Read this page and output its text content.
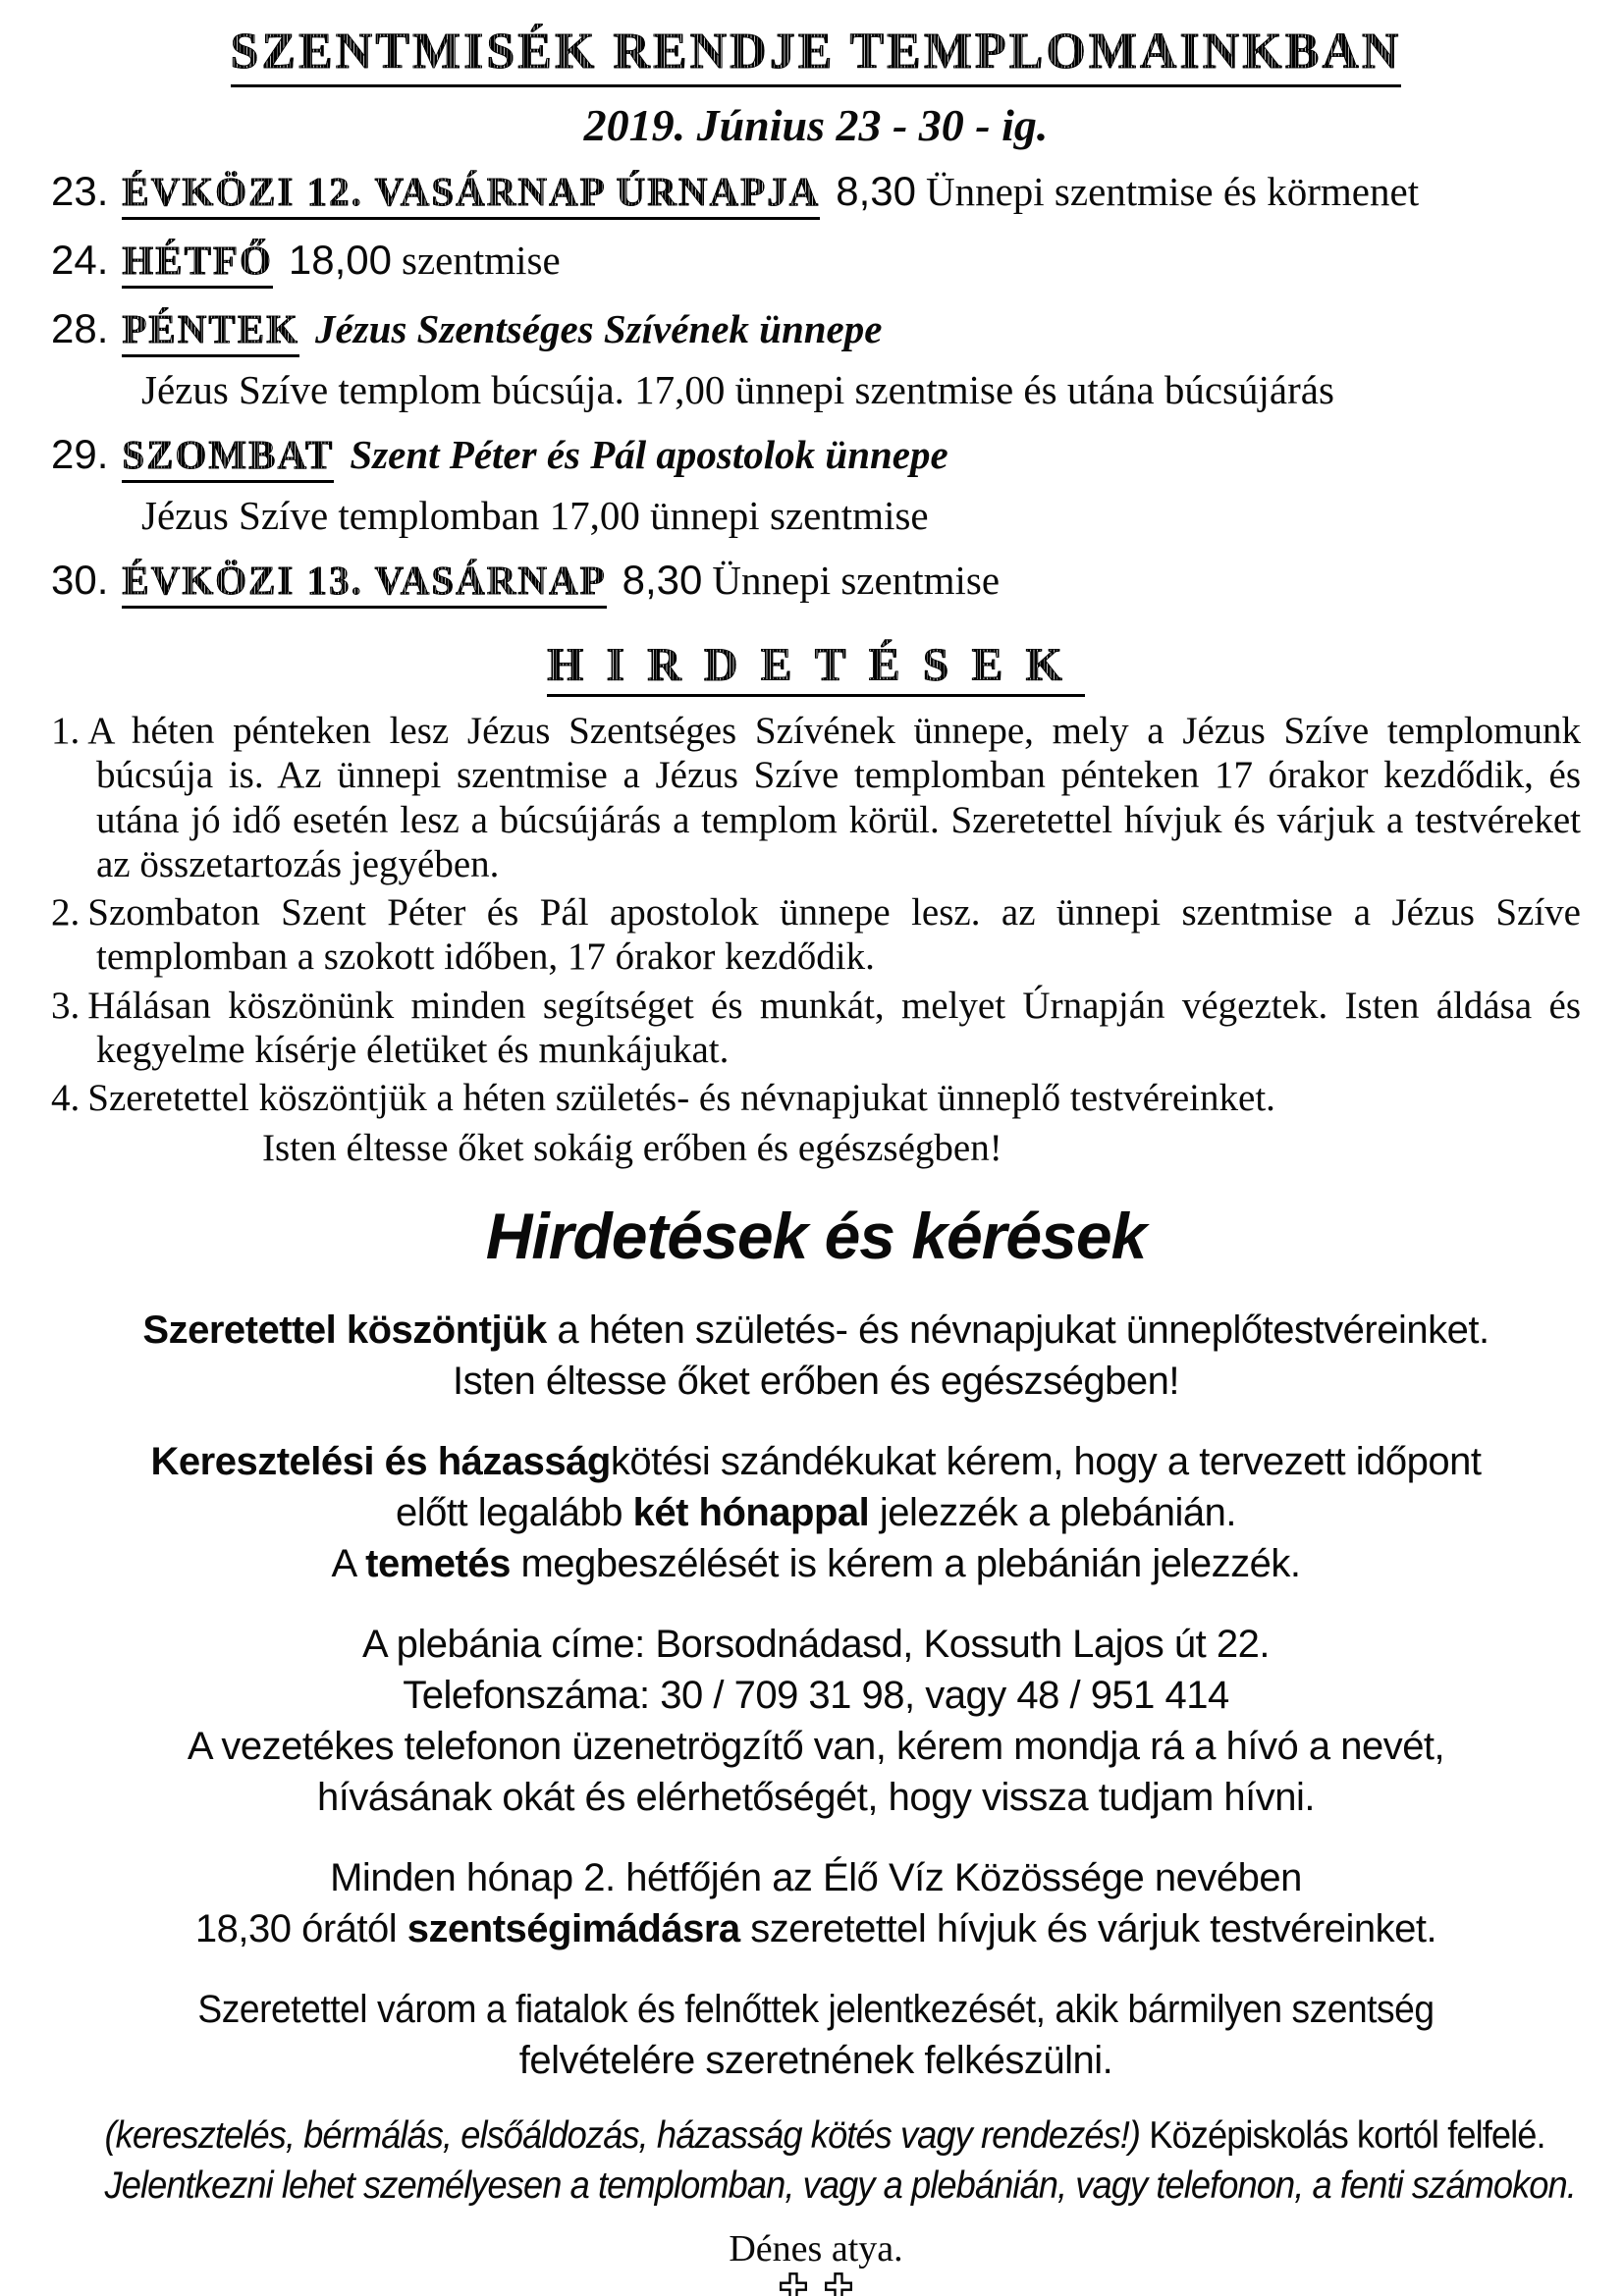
SZENTMISÉK RENDJE TEMPLOMAINKBAN
2019. Június 23 - 30 - ig.
23. ÉVKÖZI 12. VASÁRNAP ÚRNAPJA 8,30 Ünnepi szentmise és körmenet
24. HÉTFŐ 18,00 szentmise
28. PÉNTEK Jézus Szentséges Szívének ünnepe
Jézus Szíve templom búcsúja. 17,00 ünnepi szentmise és utána búcsújárás
29. SZOMBAT Szent Péter és Pál apostolok ünnepe
Jézus Szíve templomban 17,00 ünnepi szentmise
30. ÉVKÖZI 13. VASÁRNAP 8,30 Ünnepi szentmise
HIRDETÉSEK
1. A héten pénteken lesz Jézus Szentséges Szívének ünnepe, mely a Jézus Szíve templomunk búcsúja is. Az ünnepi szentmise a Jézus Szíve templomban pénteken 17 órakor kezdődik, és utána jó idő esetén lesz a búcsújárás a templom körül. Szeretettel hívjuk és várjuk a testvéreket az összetartozás jegyében.
2. Szombaton Szent Péter és Pál apostolok ünnepe lesz. az ünnepi szentmise a Jézus Szíve templomban a szokott időben, 17 órakor kezdődik.
3. Hálásan köszönünk minden segítséget és munkát, melyet Úrnapján végeztek. Isten áldása és kegyelme kísérje életüket és munkájukat.
4. Szeretettel köszöntjük a héten születés- és névnapjukat ünneplő testvéreinket.
Isten éltesse őket sokáig erőben és egészségben!
Hirdetések és kérések
Szeretettel köszöntjük a héten születés- és névnapjukat ünneplőtestvéreinket.
Isten éltesse őket erőben és egészségben!
Keresztelési és házasságkötési szándékukat kérem, hogy a tervezett időpont
előtt legalább két hónappal jelezzék a plebánián.
A temetés megbeszélését is kérem a plebánián jelezzék.
A plebánia címe: Borsodnádasd, Kossuth Lajos út 22.
Telefonszáma: 30 / 709 31 98, vagy 48 / 951 414
A vezetékes telefonon üzenetrögzítő van, kérem mondja rá a hívó a nevét,
hívásának okát és elérhetőségét, hogy vissza tudjam hívni.
Minden hónap 2. hétfőjén az Élő Víz Közössége nevében
18,30 órától szentségimádásra szeretettel hívjuk és várjuk testvéreinket.
Szeretettel várom a fiatalok és felnőttek jelentkezését, akik bármilyen szentség
felvételére szeretnének felkészülni.
(keresztelés, bérmálás, elsőáldozás, házasság kötés vagy rendezés!) Középiskolás kortól felfelé.
Jelentkezni lehet személyesen a templomban, vagy a plebánián, vagy telefonon, a fenti számokon.
Dénes atya.
